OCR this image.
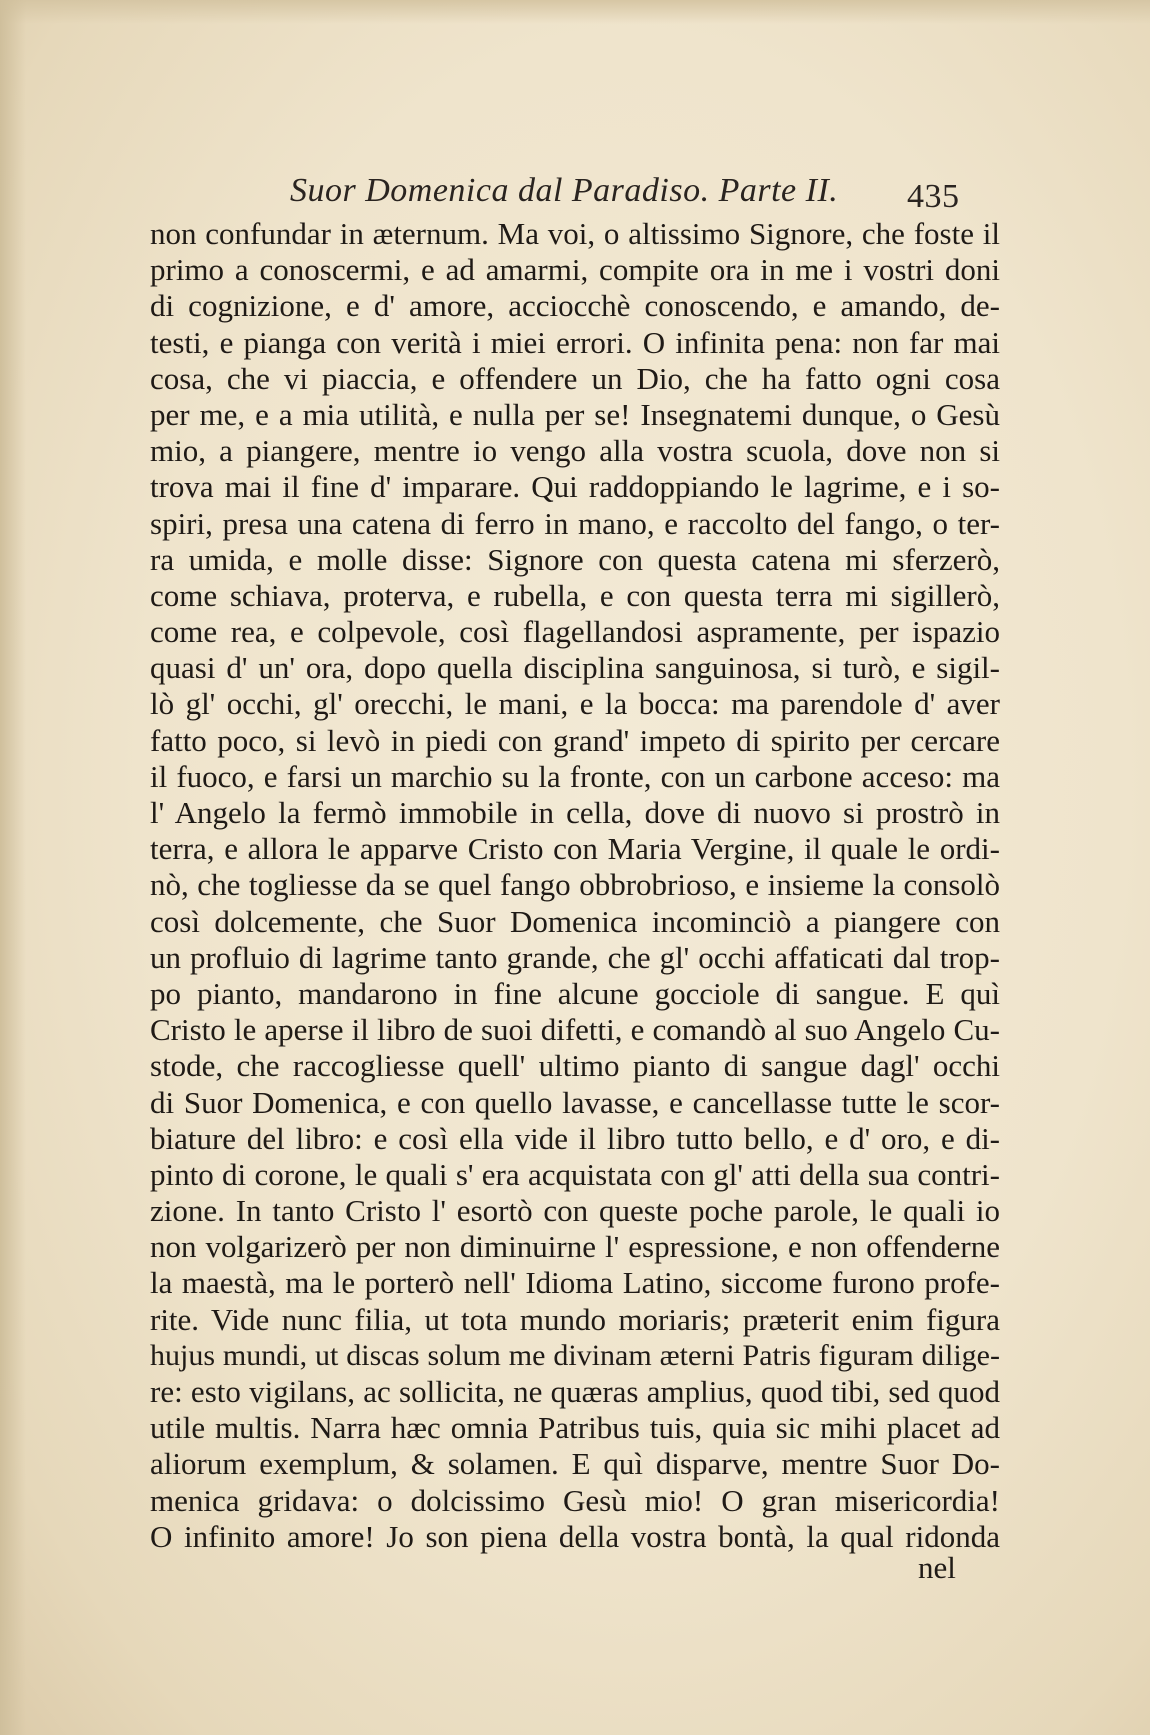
Suor Domenica dal Paradiso. Parte II. 435
non confundar in æternum. Ma voi, o altissimo Signore, che foste il
primo a conoscermi, e ad amarmi, compite ora in me i vostri doni
di cognizione, e d' amore, acciocchè conoscendo, e amando, de-
testi, e pianga con verità i miei errori. O infinita pena: non far mai
cosa, che vi piaccia, e offendere un Dio, che ha fatto ogni cosa
per me, e a mia utilità, e nulla per se! Insegnatemi dunque, o Gesù
mio, a piangere, mentre io vengo alla vostra scuola, dove non si
trova mai il fine d' imparare. Qui raddoppiando le lagrime, e i so-
spiri, presa una catena di ferro in mano, e raccolto del fango, o ter-
ra umida, e molle disse: Signore con questa catena mi sferzerò,
come schiava, proterva, e rubella, e con questa terra mi sigillerò,
come rea, e colpevole, così flagellandosi aspramente, per ispazio
quasi d' un' ora, dopo quella disciplina sanguinosa, si turò, e sigil-
lò gl' occhi, gl' orecchi, le mani, e la bocca: ma parendole d' aver
fatto poco, si levò in piedi con grand' impeto di spirito per cercare
il fuoco, e farsi un marchio su la fronte, con un carbone acceso: ma
l' Angelo la fermò immobile in cella, dove di nuovo si prostrò in
terra, e allora le apparve Cristo con Maria Vergine, il quale le ordi-
nò, che togliesse da se quel fango obbrobrioso, e insieme la consolò
così dolcemente, che Suor Domenica incominciò a piangere con
un profluio di lagrime tanto grande, che gl' occhi affaticati dal trop-
po pianto, mandarono in fine alcune gocciole di sangue. E quì
Cristo le aperse il libro de suoi difetti, e comandò al suo Angelo Cu-
stode, che raccogliesse quell' ultimo pianto di sangue dagl' occhi
di Suor Domenica, e con quello lavasse, e cancellasse tutte le scor-
biature del libro: e così ella vide il libro tutto bello, e d' oro, e di-
pinto di corone, le quali s' era acquistata con gl' atti della sua contri-
zione. In tanto Cristo l' esortò con queste poche parole, le quali io
non volgarizerò per non diminuirne l' espressione, e non offenderne
la maestà, ma le porterò nell' Idioma Latino, siccome furono profe-
rite. Vide nunc filia, ut tota mundo moriaris; præterit enim figura
hujus mundi, ut discas solum me divinam æterni Patris figuram dilige-
re: esto vigilans, ac sollicita, ne quæras amplius, quod tibi, sed quod
utile multis. Narra hæc omnia Patribus tuis, quia sic mihi placet ad
aliorum exemplum, & solamen. E quì disparve, mentre Suor Do-
menica gridava: o dolcissimo Gesù mio! O gran misericordia!
O infinito amore! Jo son piena della vostra bontà, la qual ridonda
nel
